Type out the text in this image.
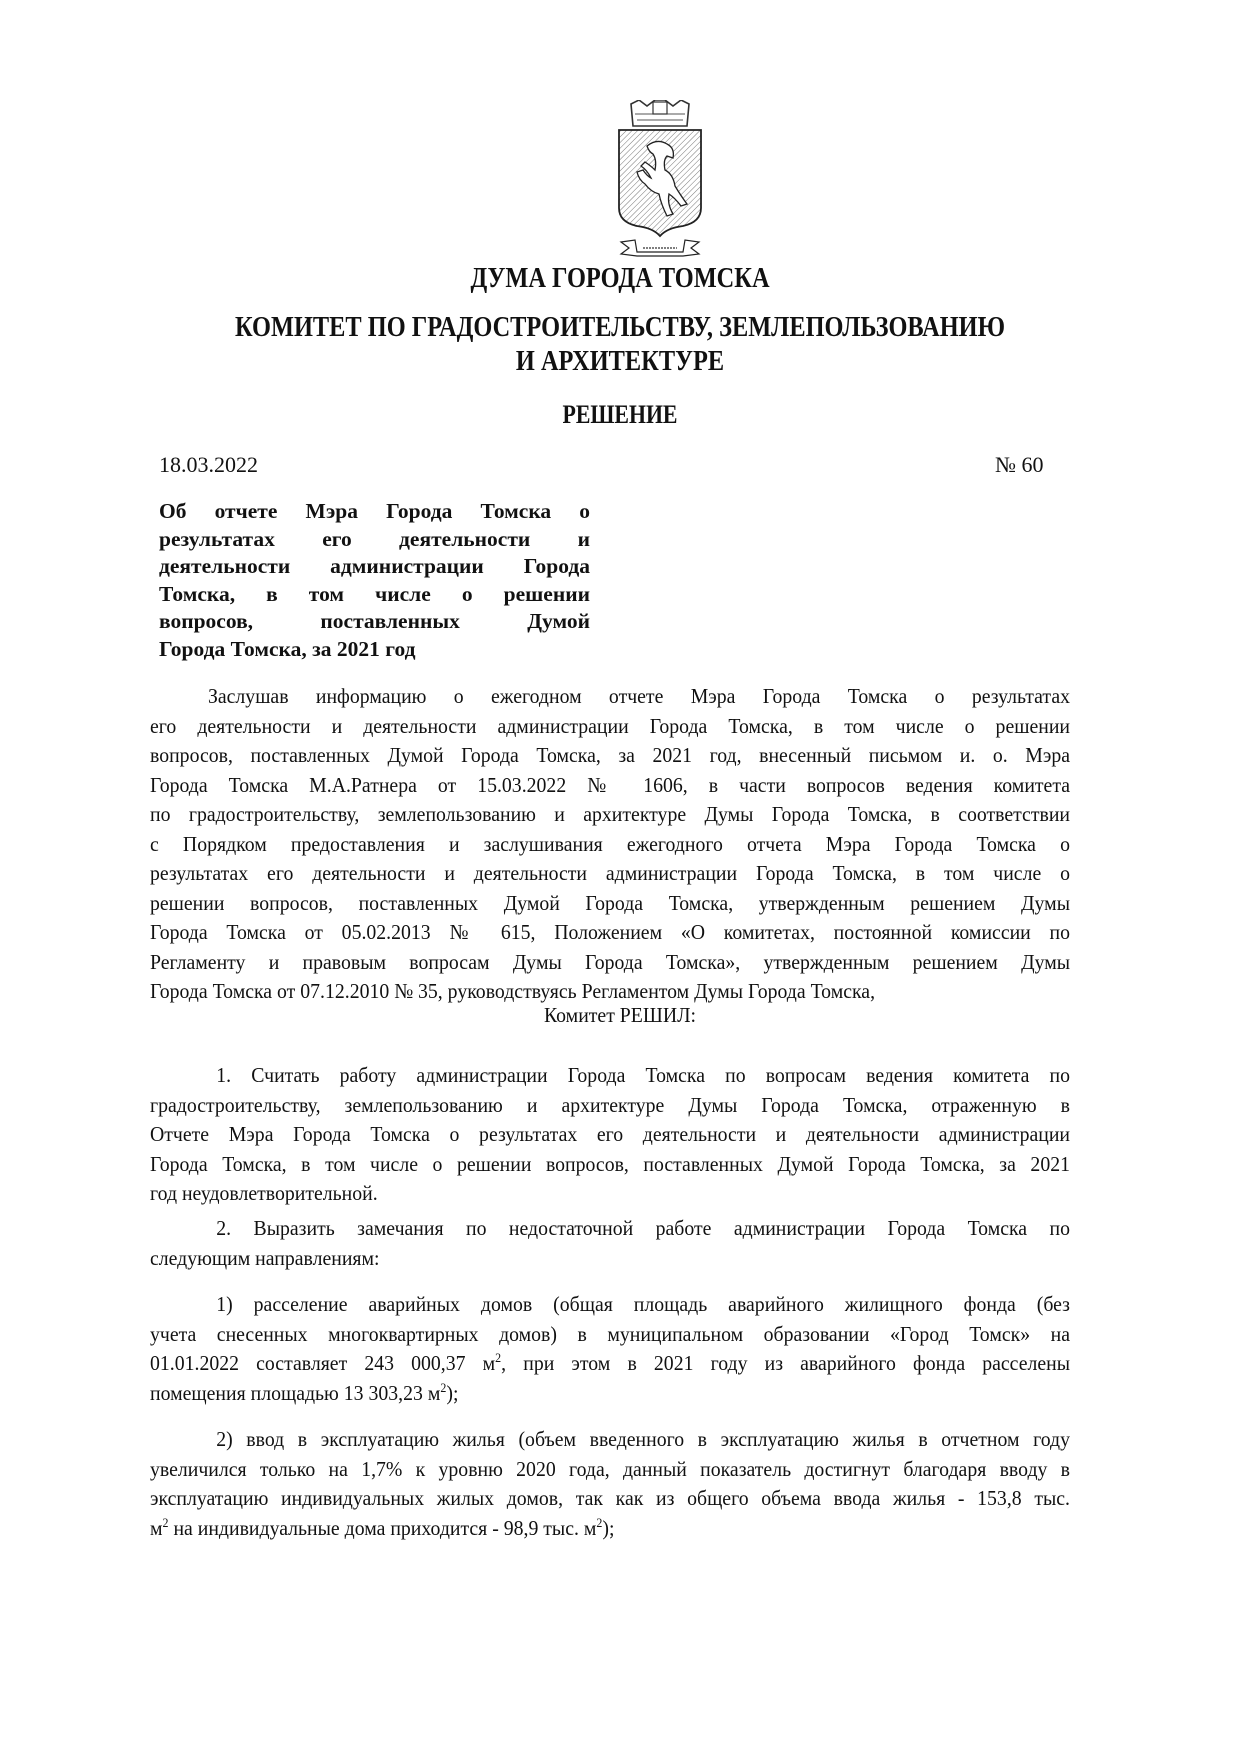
ДУМА ГОРОДА ТОМСКА
КОМИТЕТ ПО ГРАДОСТРОИТЕЛЬСТВУ, ЗЕМЛЕПОЛЬЗОВАНИЮ
И АРХИТЕКТУРЕ
РЕШЕНИЕ
18.03.2022	№ 60
Об отчете Мэра Города Томска о
результатах его деятельности и
деятельности администрации Города
Томска, в том числе о решении
вопросов, поставленных Думой
Города Томска, за 2021 год
Заслушав информацию о ежегодном отчете Мэра Города Томска о результатах
его деятельности и деятельности администрации Города Томска, в том числе о решении
вопросов, поставленных Думой Города Томска, за 2021 год, внесенный письмом и. о. Мэра
Города Томска М.А.Ратнера от 15.03.2022 № 1606, в части вопросов ведения комитета
по градостроительству, землепользованию и архитектуре Думы Города Томска, в соответствии
с Порядком предоставления и заслушивания ежегодного отчета Мэра Города Томска о
результатах его деятельности и деятельности администрации Города Томска, в том числе о
решении вопросов, поставленных Думой Города Томска, утвержденным решением Думы
Города Томска от 05.02.2013 № 615, Положением «О комитетах, постоянной комиссии по
Регламенту и правовым вопросам Думы Города Томска», утвержденным решением Думы
Города Томска от 07.12.2010 № 35, руководствуясь Регламентом Думы Города Томска,
Комитет РЕШИЛ:
1. Считать работу администрации Города Томска по вопросам ведения комитета по
градостроительству, землепользованию и архитектуре Думы Города Томска, отраженную в
Отчете Мэра Города Томска о результатах его деятельности и деятельности администрации
Города Томска, в том числе о решении вопросов, поставленных Думой Города Томска, за 2021
год неудовлетворительной.
2. Выразить замечания по недостаточной работе администрации Города Томска по
следующим направлениям:
1) расселение аварийных домов (общая площадь аварийного жилищного фонда (без
учета снесенных многоквартирных домов) в муниципальном образовании «Город Томск» на
01.01.2022 составляет 243 000,37 $м^2$, при этом в 2021 году из аварийного фонда расселены
помещения площадью 13 303,23 $м^2$);
2) ввод в эксплуатацию жилья (объем введенного в эксплуатацию жилья в отчетном году
увеличился только на 1,7% к уровню 2020 года, данный показатель достигнут благодаря вводу в
эксплуатацию индивидуальных жилых домов, так как из общего объема ввода жилья - 153,8 тыс.
$м^2$ на индивидуальные дома приходится - 98,9 тыс. $м^2$);
